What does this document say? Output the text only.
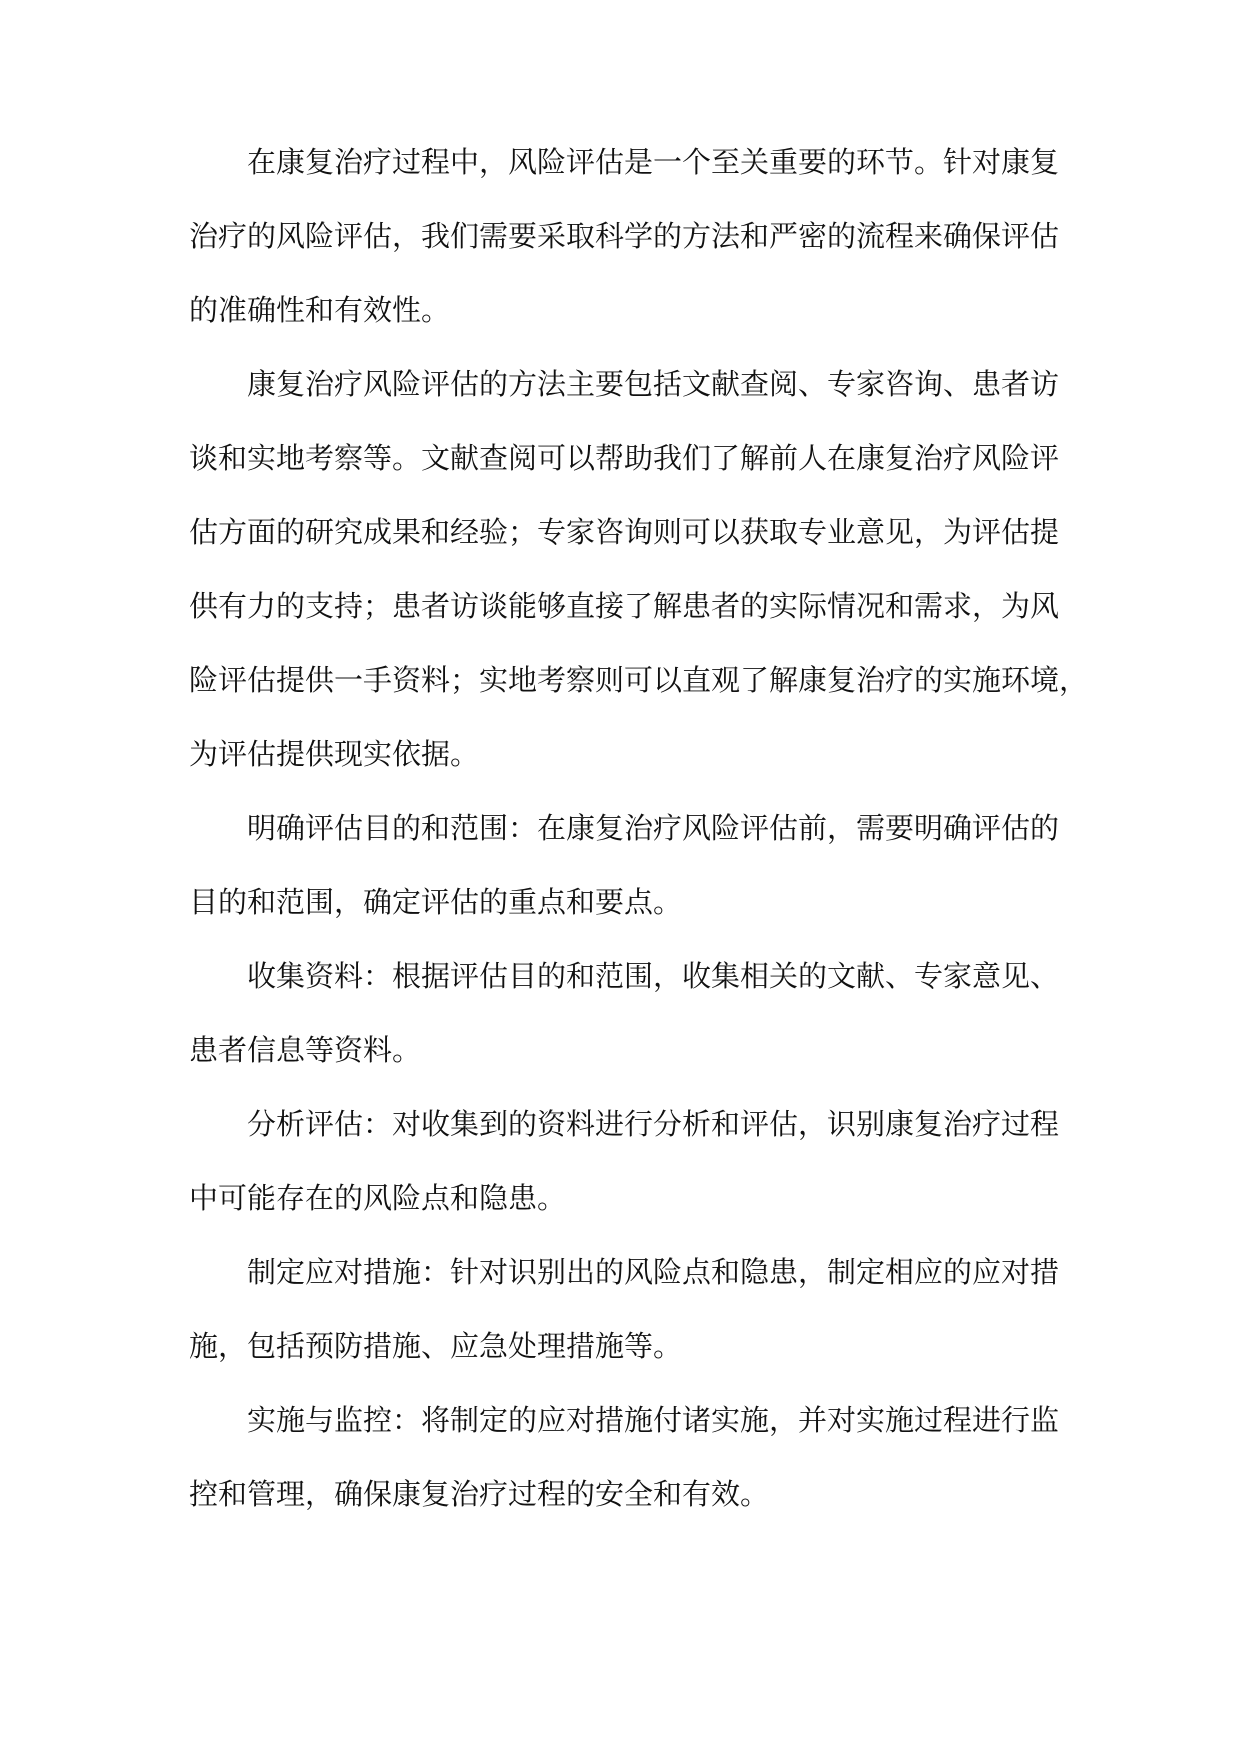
在康复治疗过程中，风险评估是一个至关重要的环节。针对康复
治疗的风险评估，我们需要采取科学的方法和严密的流程来确保评估
的准确性和有效性。
康复治疗风险评估的方法主要包括文献查阅、专家咨询、患者访
谈和实地考察等。文献查阅可以帮助我们了解前人在康复治疗风险评
估方面的研究成果和经验；专家咨询则可以获取专业意见，为评估提
供有力的支持；患者访谈能够直接了解患者的实际情况和需求，为风
险评估提供一手资料；实地考察则可以直观了解康复治疗的实施环境，
为评估提供现实依据。
明确评估目的和范围：在康复治疗风险评估前，需要明确评估的
目的和范围，确定评估的重点和要点。
收集资料：根据评估目的和范围，收集相关的文献、专家意见、
患者信息等资料。
分析评估：对收集到的资料进行分析和评估，识别康复治疗过程
中可能存在的风险点和隐患。
制定应对措施：针对识别出的风险点和隐患，制定相应的应对措
施，包括预防措施、应急处理措施等。
实施与监控：将制定的应对措施付诸实施，并对实施过程进行监
控和管理，确保康复治疗过程的安全和有效。
